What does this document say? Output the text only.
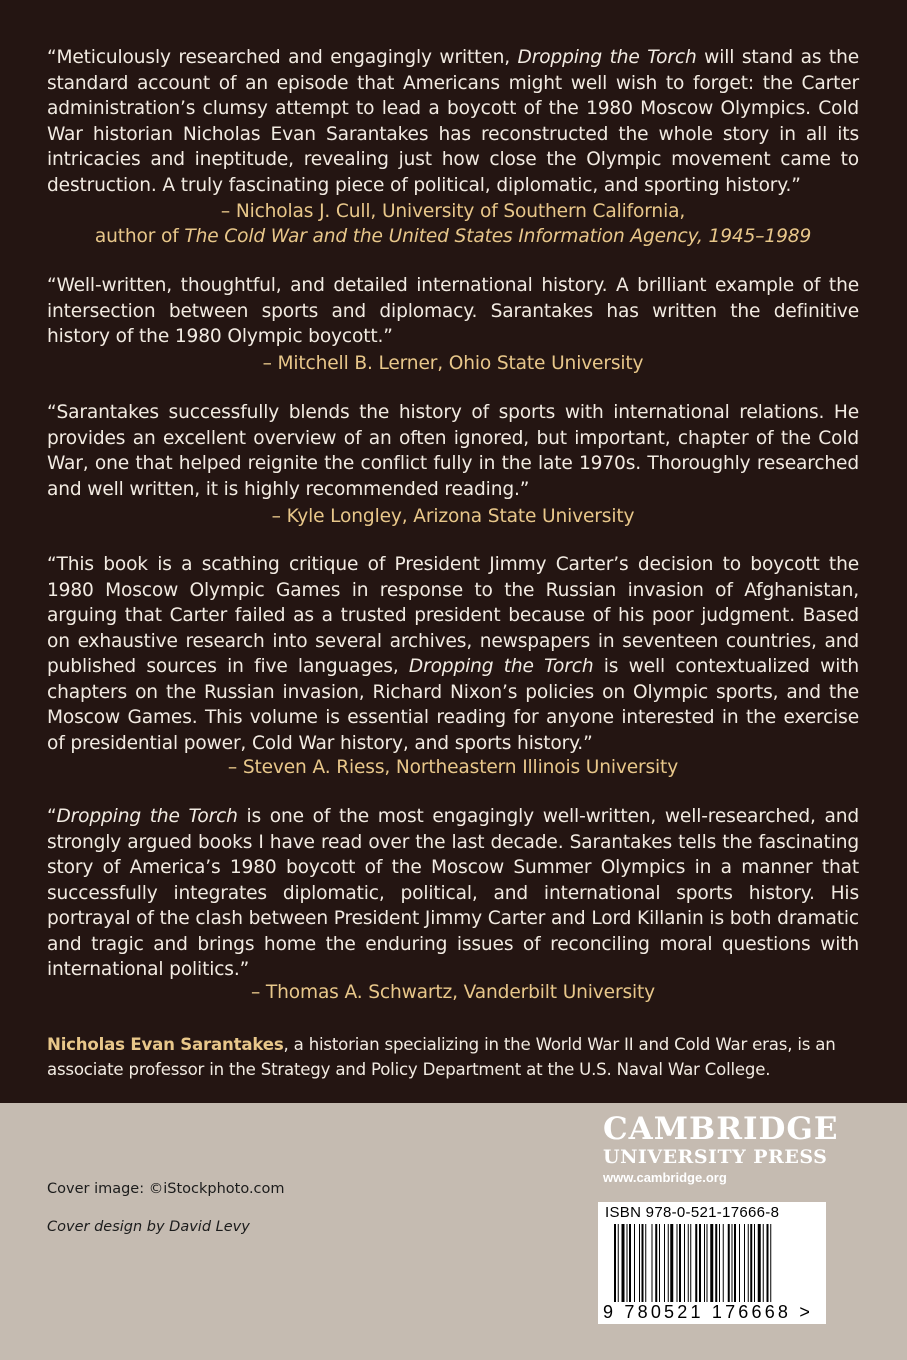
“Meticulously researched and engagingly written, Dropping the Torch will stand as the standard account of an episode that Americans might well wish to forget: the Carter administration’s clumsy attempt to lead a boycott of the 1980 Moscow Olympics. Cold War historian Nicholas Evan Sarantakes has reconstructed the whole story in all its intricacies and ineptitude, revealing just how close the Olympic movement came to destruction. A truly fascinating piece of political, diplomatic, and sporting history.”
– Nicholas J. Cull, University of Southern California,
author of The Cold War and the United States Information Agency, 1945–1989
“Well-written, thoughtful, and detailed international history. A brilliant example of the intersection between sports and diplomacy. Sarantakes has written the definitive history of the 1980 Olympic boycott.”
– Mitchell B. Lerner, Ohio State University
“Sarantakes successfully blends the history of sports with international relations. He provides an excellent overview of an often ignored, but important, chapter of the Cold War, one that helped reignite the conflict fully in the late 1970s. Thoroughly researched and well written, it is highly recommended reading.”
– Kyle Longley, Arizona State University
“This book is a scathing critique of President Jimmy Carter’s decision to boycott the 1980 Moscow Olympic Games in response to the Russian invasion of Afghanistan, arguing that Carter failed as a trusted president because of his poor judgment. Based on exhaustive research into several archives, newspapers in seventeen countries, and published sources in five languages, Dropping the Torch is well contextualized with chapters on the Russian invasion, Richard Nixon’s policies on Olympic sports, and the Moscow Games. This volume is essential reading for anyone interested in the exercise of presidential power, Cold War history, and sports history.”
– Steven A. Riess, Northeastern Illinois University
“Dropping the Torch is one of the most engagingly well-written, well-researched, and strongly argued books I have read over the last decade. Sarantakes tells the fascinating story of America’s 1980 boycott of the Moscow Summer Olympics in a manner that successfully integrates diplomatic, political, and international sports history. His portrayal of the clash between President Jimmy Carter and Lord Killanin is both dramatic and tragic and brings home the enduring issues of reconciling moral questions with international politics.”
– Thomas A. Schwartz, Vanderbilt University
Nicholas Evan Sarantakes, a historian specializing in the World War II and Cold War eras, is an associate professor in the Strategy and Policy Department at the U.S. Naval War College.
Cover image: ©iStockphoto.com
Cover design by David Levy
CAMBRIDGE
UNIVERSITY PRESS
www.cambridge.org
ISBN 978-0-521-17666-8
9 780521 176668 >
